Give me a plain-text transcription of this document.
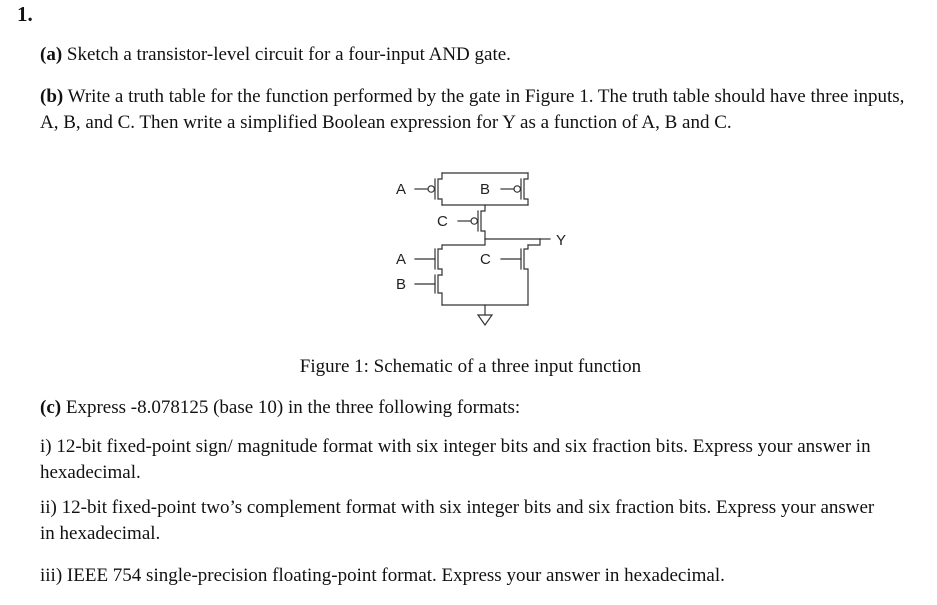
1.

(a) Sketch a transistor-level circuit for a four-input AND gate.

(b) Write a truth table for the function performed by the gate in Figure 1. The truth table should have three inputs, A, B, and C. Then write a simplified Boolean expression for Y as a function of A, B and C.

A	B
C
Y
A	C
B

Figure 1: Schematic of a three input function

(c) Express -8.078125 (base 10) in the three following formats:

i) 12-bit fixed-point sign/ magnitude format with six integer bits and six fraction bits. Express your answer in hexadecimal.

ii) 12-bit fixed-point two’s complement format with six integer bits and six fraction bits. Express your answer in hexadecimal.

iii) IEEE 754 single-precision floating-point format. Express your answer in hexadecimal.
